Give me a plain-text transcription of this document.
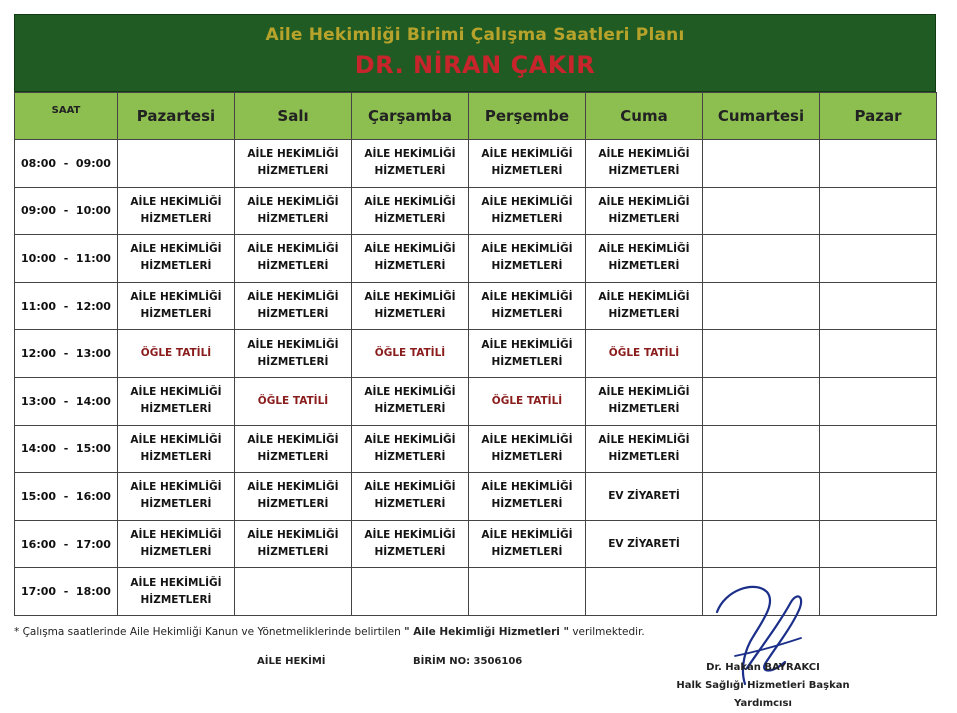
Aile Hekimliği Birimi Çalışma Saatleri Planı
DR. NİRAN ÇAKIR
SAAT	Pazartesi	Salı	Çarşamba	Perşembe	Cuma	Cumartesi	Pazar
08:00  -  09:00		AİLE HEKİMLİĞİ
HİZMETLERİ	AİLE HEKİMLİĞİ
HİZMETLERİ	AİLE HEKİMLİĞİ
HİZMETLERİ	AİLE HEKİMLİĞİ
HİZMETLERİ		

09:00  -  10:00	AİLE HEKİMLİĞİ
HİZMETLERİ	AİLE HEKİMLİĞİ
HİZMETLERİ	AİLE HEKİMLİĞİ
HİZMETLERİ	AİLE HEKİMLİĞİ
HİZMETLERİ	AİLE HEKİMLİĞİ
HİZMETLERİ		

10:00  -  11:00	AİLE HEKİMLİĞİ
HİZMETLERİ	AİLE HEKİMLİĞİ
HİZMETLERİ	AİLE HEKİMLİĞİ
HİZMETLERİ	AİLE HEKİMLİĞİ
HİZMETLERİ	AİLE HEKİMLİĞİ
HİZMETLERİ		

11:00  -  12:00	AİLE HEKİMLİĞİ
HİZMETLERİ	AİLE HEKİMLİĞİ
HİZMETLERİ	AİLE HEKİMLİĞİ
HİZMETLERİ	AİLE HEKİMLİĞİ
HİZMETLERİ	AİLE HEKİMLİĞİ
HİZMETLERİ		

12:00  -  13:00	ÖĞLE TATİLİ	AİLE HEKİMLİĞİ
HİZMETLERİ	ÖĞLE TATİLİ	AİLE HEKİMLİĞİ
HİZMETLERİ	ÖĞLE TATİLİ		

13:00  -  14:00	AİLE HEKİMLİĞİ
HİZMETLERİ	ÖĞLE TATİLİ	AİLE HEKİMLİĞİ
HİZMETLERİ	ÖĞLE TATİLİ	AİLE HEKİMLİĞİ
HİZMETLERİ		

14:00  -  15:00	AİLE HEKİMLİĞİ
HİZMETLERİ	AİLE HEKİMLİĞİ
HİZMETLERİ	AİLE HEKİMLİĞİ
HİZMETLERİ	AİLE HEKİMLİĞİ
HİZMETLERİ	AİLE HEKİMLİĞİ
HİZMETLERİ		

15:00  -  16:00	AİLE HEKİMLİĞİ
HİZMETLERİ	AİLE HEKİMLİĞİ
HİZMETLERİ	AİLE HEKİMLİĞİ
HİZMETLERİ	AİLE HEKİMLİĞİ
HİZMETLERİ	EV ZİYARETİ		

16:00  -  17:00	AİLE HEKİMLİĞİ
HİZMETLERİ	AİLE HEKİMLİĞİ
HİZMETLERİ	AİLE HEKİMLİĞİ
HİZMETLERİ	AİLE HEKİMLİĞİ
HİZMETLERİ	EV ZİYARETİ		

17:00  -  18:00	AİLE HEKİMLİĞİ
HİZMETLERİ						

* Çalışma saatlerinde Aile Hekimliği Kanun ve Yönetmeliklerinde belirtilen " Aile Hekimliği Hizmetleri " verilmektedir.
AİLE HEKİMİ	BİRİM NO: 3506106
Dr. Hakan BAYRAKCI
Halk Sağlığı Hizmetleri Başkan Yardımcısı
